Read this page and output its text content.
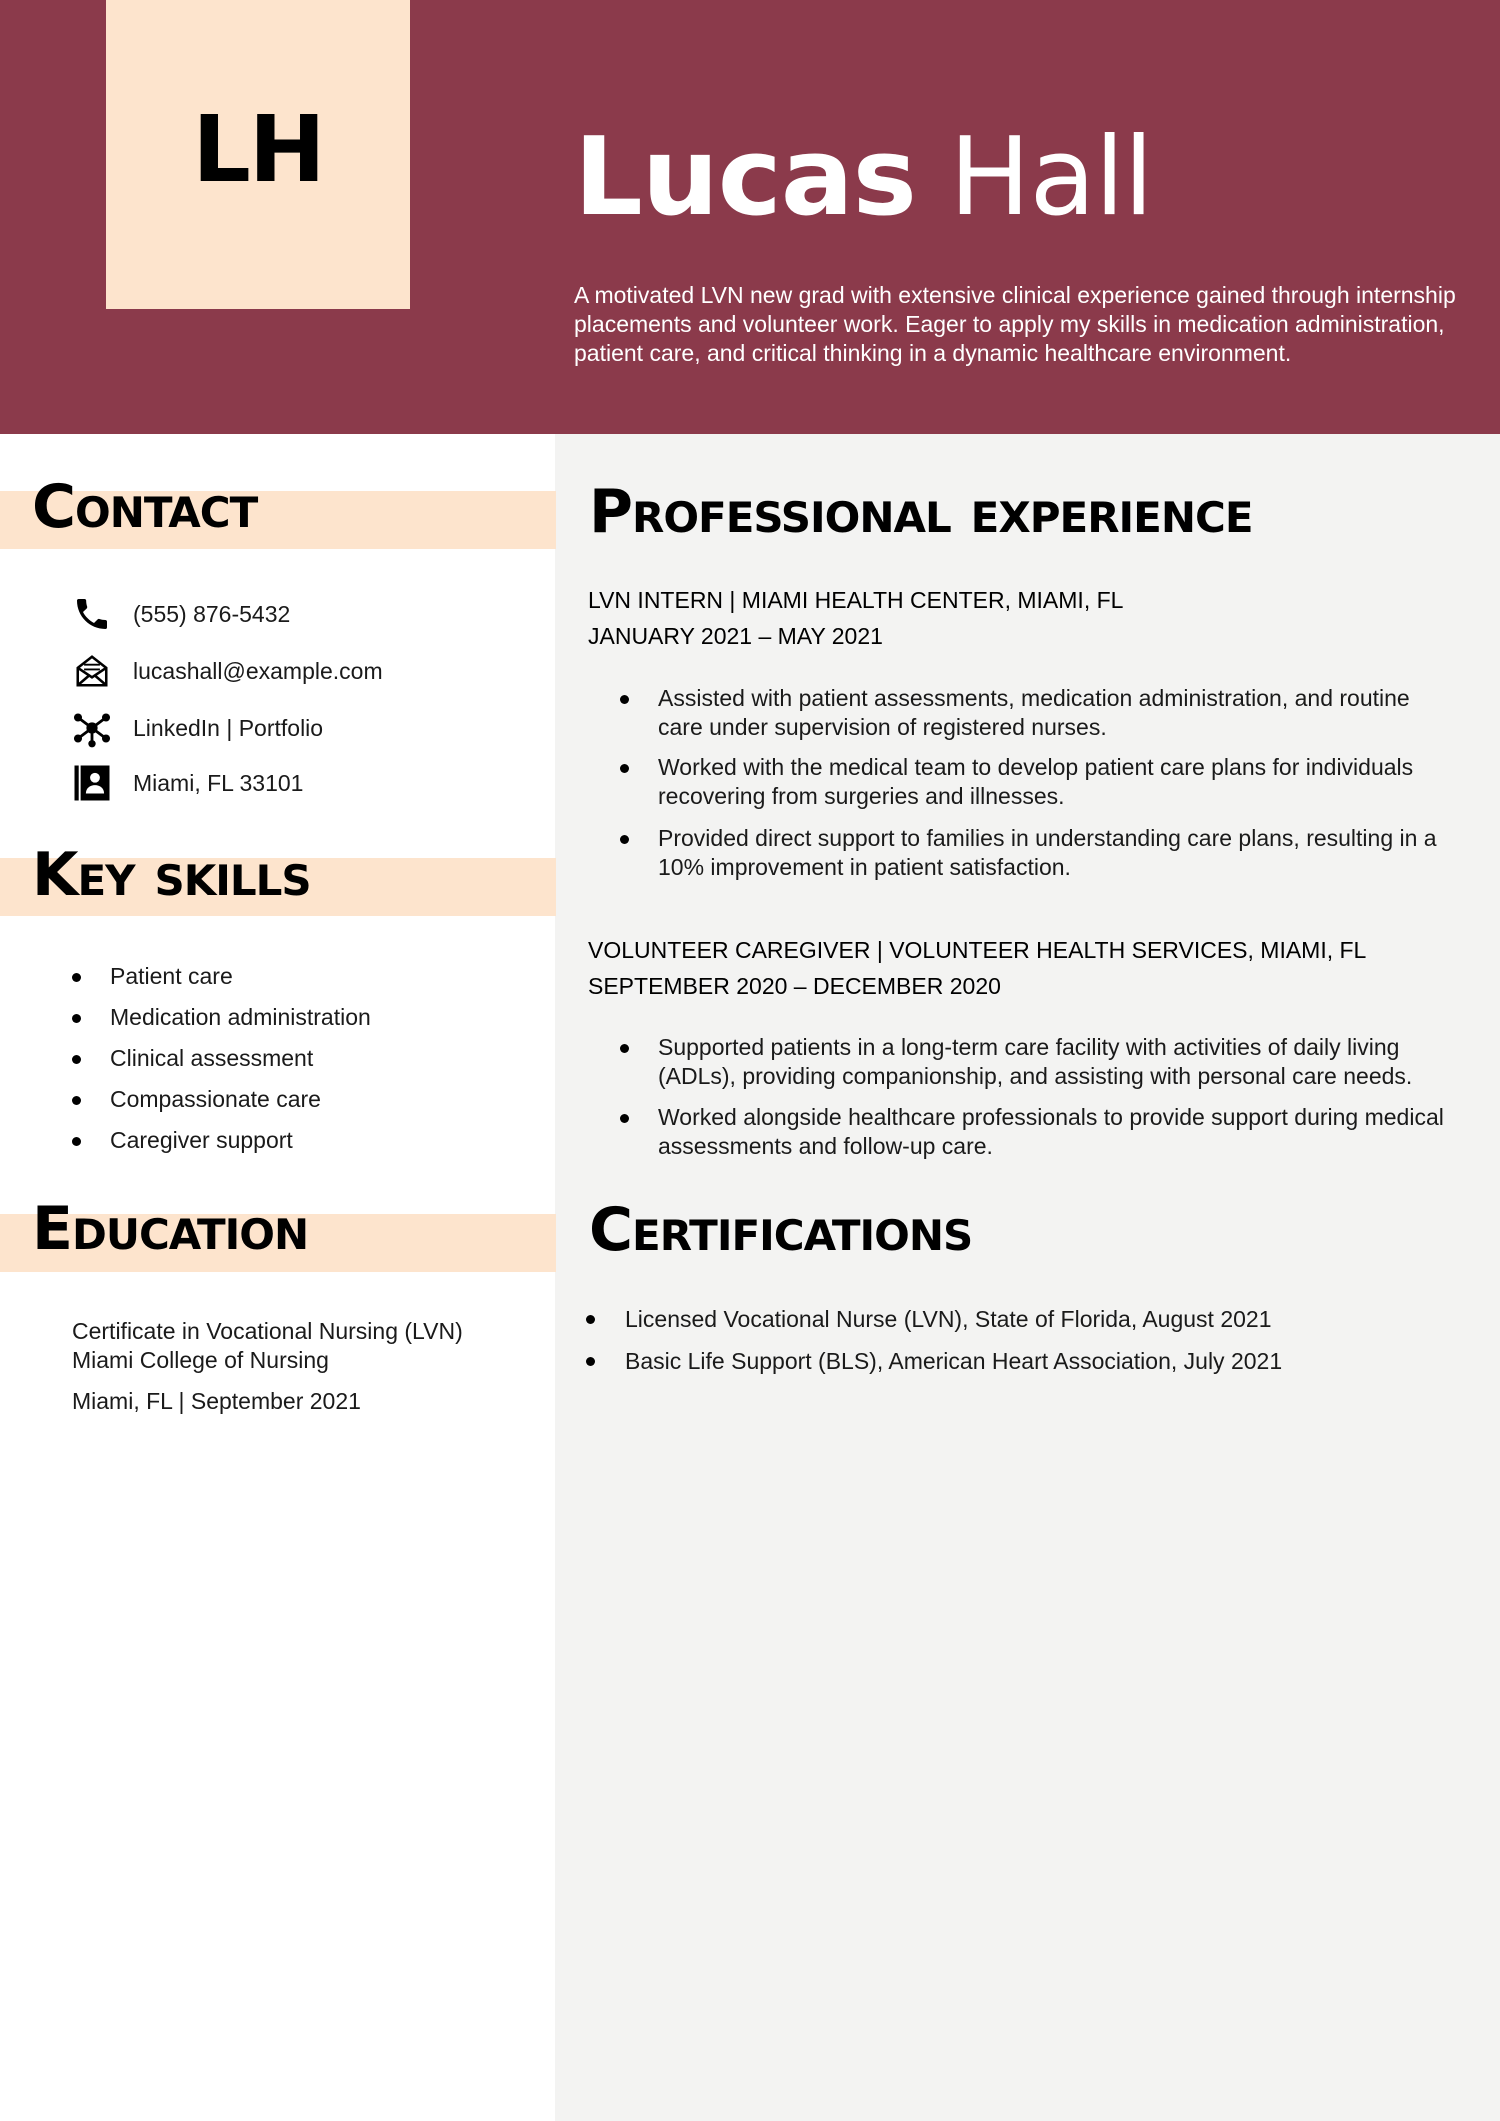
LH Lucas Hall

A motivated LVN new grad with extensive clinical experience gained through internship placements and volunteer work. Eager to apply my skills in medication administration, patient care, and critical thinking in a dynamic healthcare environment.

Contact
(555) 876-5432
lucashall@example.com
LinkedIn | Portfolio
Miami, FL 33101
Key skills
Patient care
Medication administration
Clinical assessment
Compassionate care
Caregiver support
Education
Certificate in Vocational Nursing (LVN)
Miami College of Nursing
Miami, FL | September 2021
Professional experience
LVN INTERN | MIAMI HEALTH CENTER, MIAMI, FL
JANUARY 2021 – MAY 2021
Assisted with patient assessments, medication administration, and routine care under supervision of registered nurses.
Worked with the medical team to develop patient care plans for individuals recovering from surgeries and illnesses.
Provided direct support to families in understanding care plans, resulting in a 10% improvement in patient satisfaction.
VOLUNTEER CAREGIVER | VOLUNTEER HEALTH SERVICES, MIAMI, FL
SEPTEMBER 2020 – DECEMBER 2020
Supported patients in a long-term care facility with activities of daily living (ADLs), providing companionship, and assisting with personal care needs.
Worked alongside healthcare professionals to provide support during medical assessments and follow-up care.
Certifications
Licensed Vocational Nurse (LVN), State of Florida, August 2021
Basic Life Support (BLS), American Heart Association, July 2021
